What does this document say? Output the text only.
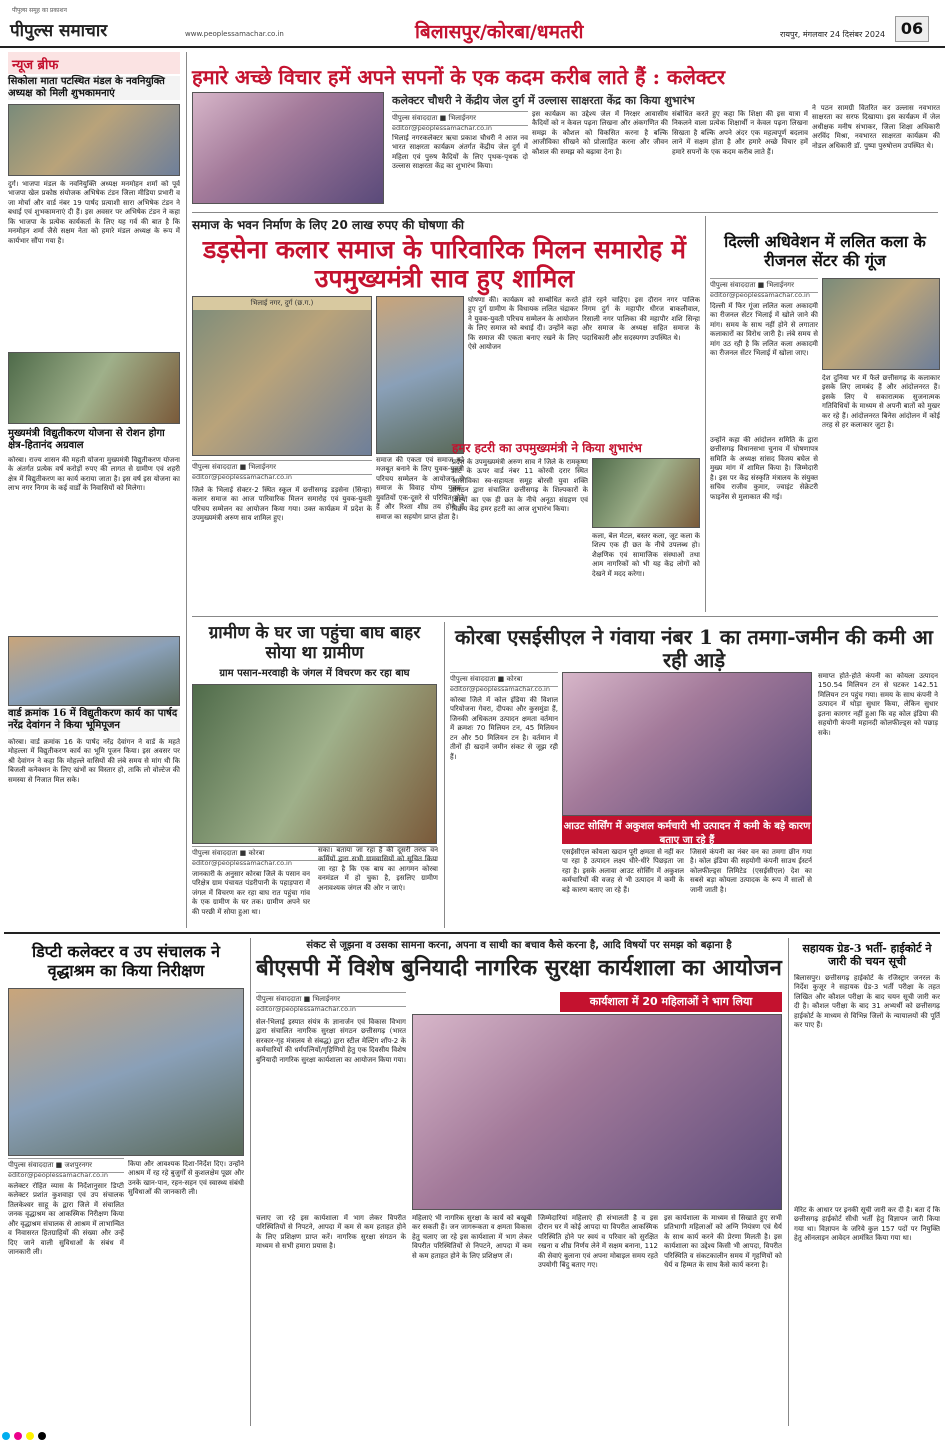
पीपुल्स समूह का प्रकाशन
पीपुल्स समाचार	www.peoplessamachar.co.in	बिलासपुर/कोरबा/धमतरी	रायपुर, मंगलवार 24 दिसंबर 2024 06
न्यूज ब्रीफ
सिकोला माता पटस्थित मंडल के नवनियुक्ति अध्यक्ष को मिली शुभकामनाएं
दुर्ग। भाजपा मंडल के नवनियुक्ति अध्यक्ष मनमोहन शर्मा को पूर्व भाजपा खेल प्रकोष्ठ संयोजक अभिषेक टंडन जिला मीडिया प्रभारी व जा मोर्चा और वार्ड नंबर 19 पार्षद प्रत्याशी सारा अभिषेक टंडन ने बधाई एवं शुभकामनाएं दी हैं। इस अवसर पर अभिषेक टंडन ने कहा कि भाजपा के प्रत्येक कार्यकर्ता के लिए यह गर्व की बात है कि मनमोहन शर्मा जैसे सक्षम नेता को हमारे मंडल अध्यक्ष के रूप में कार्यभार सौंपा गया है।
मुख्यमंत्री विद्युतीकरण योजना से रोशन होगा क्षेत्र-हितानंद अग्रवाल
कोरबा। राज्य शासन की महती योजना मुख्यमंत्री विद्युतीकरण योजना के अंतर्गत प्रत्येक वर्ष करोड़ों रुपए की लागत से ग्रामीण एवं शहरी क्षेत्र में विद्युतीकरण का कार्य कराया जाता है। इस वर्ष इस योजना का लाभ नगर निगम के कई वार्डों के निवासियों को मिलेगा।
वार्ड क्रमांक 16 में विद्युतीकरण कार्य का पार्षद नरेंद्र देवांगन ने किया भूमिपूजन
कोरबा। वार्ड क्रमांक 16 के पार्षद नरेंद्र देवांगन ने वार्ड के महते मोहल्ला में विद्युतीकरण कार्य का भूमि पूजन किया। इस अवसर पर श्री देवांगन ने कहा कि मोहल्ले वासियों की लंबे समय से मांग थी कि बिजली कनेक्शन के लिए खंभों का विस्तार हो, ताकि लो वोल्टेज की समस्या से निजात मिल सके।
हमारे अच्छे विचार हमें अपने सपनों के एक कदम करीब लाते हैं : कलेक्टर
कलेक्टर चौधरी ने केंद्रीय जेल दुर्ग में उल्लास साक्षरता केंद्र का किया शुभारंभ
पीपुल्स संवाददाता ■ भिलाईनगर
editor@peoplessamachar.co.in
भिलाई नगरकलेक्टर ऋचा प्रकाश चौधरी ने आज नव भारत साक्षरता कार्यक्रम अंतर्गत केंद्रीय जेल दुर्ग में महिला एवं पुरुष कैदियों के लिए पृथक-पृथक दो उल्लास साक्षरता केंद्र का शुभारंभ किया।
इस कार्यक्रम का उद्देश्य जेल में निरक्षर आवासीय कैदियों को न केवल पढ़ना लिखना और अंकगणित की समझ के कौशल को विकसित करना है बल्कि आजीविका सीखने को प्रोत्साहित करना और जीवन कौशल की समझ को बढ़ावा देना है।
संबोधित करते हुए कहा कि शिक्षा की इस यात्रा में निकलने वाला प्रत्येक शिक्षार्थी न केवल पढ़ना लिखना सिखता है बल्कि अपने अंदर एक महत्वपूर्ण बदलाव लाने में सक्षम होता है और हमारे अच्छे विचार हमें हमारे सपनों के एक कदम करीब लाते हैं।
ने पठन सामग्री वितरित कर उल्लास नवभारत साक्षरता का सरफ दिखाया। इस कार्यक्रम में जेल अधीक्षक मनीष संभाकर, जिला शिक्षा अधिकारी अरविंद मिश्रा, नवभारत साक्षरता कार्यक्रम की नोडल अधिकारी डॉ. पुष्पा पुरुषोत्तम उपस्थित थे।
समाज के भवन निर्माण के लिए 20 लाख रुपए की घोषणा की
डड़सेना कलार समाज के पारिवारिक मिलन समारोह में उपमुख्यमंत्री साव हुए शामिल
भिलाई नगर, दुर्ग (छ.ग.)
पीपुल्स संवाददाता ■ भिलाईनगर
editor@peoplessamachar.co.in
जिले के भिलाई सेक्टर-2 स्थित स्कूल में छत्तीसगढ़ डड़सेना (सिन्हा) कलार समाज का आज पारिवारिक मिलन समारोह एवं युवक-युवती परिचय सम्मेलन का आयोजन किया गया। उक्त कार्यक्रम में प्रदेश के उपमुख्यमंत्री अरुण साव शामिल हुए।
समाज की एकता एवं समाज को मजबूत बनाने के लिए युवक-युवती परिचय सम्मेलन के आयोजन से समाज के विवाह योग्य युवक-युवतियों एक-दूसरे से परिचित होते हैं और रिश्ता शीघ्र तय होने में समाज का सहयोग प्राप्त होता है।
घोषणा की। कार्यक्रम को सम्बोधित करते हुए दुर्ग ग्रामीण के विधायक ललित चंद्राकर ने युवक-युवती परिचय सम्मेलन के आयोजन के लिए समाज को बधाई दी। उन्होंने कहा कि समाज की एकता बनाए रखने के लिए ऐसे आयोजन
होते रहने चाहिए। इस दौरान नगर पालिक निगम दुर्ग के महापौर धीरज बाकलीवाल, रिसाली नगर पालिका की महापौर शशि सिन्हा और समाज के अध्यक्ष सहित समाज के पदाधिकारी और सदस्यगण उपस्थित थे।
हमर हटरी का उपमुख्यमंत्री ने किया शुभारंभ
प्रदेश के उपमुख्यमंत्री अरुण साव ने जिले के रामकृष्ण मार्ट के ऊपर वार्ड नंबर 11 कोरवी दरार स्थित आजीविका स्व-सहायता समूह बोरसी युवा शक्ति संगठन द्वारा संचालित छत्तीसगढ़ के शिल्पकारों के शिल्पों का एक ही छत के नीचे अनूठा संग्रहण एवं विक्रय केंद्र हमर हटरी का आज शुभारंभ किया।
कला, बेल मेटल, बस्तर कला, जूट कला के शिल्प एक ही छत के नीचे उपलब्ध हो। शैक्षणिक एवं सामाजिक संस्थाओं तथा आम नागरिकों को भी यह केंद्र लोगों को देखने में मदद करेगा।
दिल्ली अधिवेशन में ललित कला के रीजनल सेंटर की गूंज
पीपुल्स संवाददाता ■ भिलाईनगर
editor@peoplessamachar.co.in
दिल्ली में फिर गूंजा ललित कला अकादमी का रीजनल सेंटर भिलाई में खोले जाने की मांग। समय के साथ नहीं होने से लगातार कलाकारों का विरोध जारी है। लंबे समय से मांग उठ रही है कि ललित कला अकादमी का रीजनल सेंटर भिलाई में खोला जाए।
उन्होंने कहा की आंदोलन समिति के द्वारा छत्तीसगढ़ विधानसभा चुनाव में घोषणापत्र समिति के अध्यक्ष सांसद विजय बघेल से मुख्य मांग में शामिल किया है। जिम्मेदारी है। इस पर केंद्र संस्कृति मंत्रालय के संयुक्त सचिव राजीव कुमार, ज्वाइंट सेक्रेटरी फाइनेंस से मुलाकात की गई।
देश दुनिया भर में फैले छत्तीसगढ़ के कलाकार इसके लिए लामबंद हैं और आंदोलनरत हैं। इसके लिए ये सकारात्मक सुजनात्मक गतिविधियों के माध्यम से अपनी बातों को मुखर कर रहे हैं। आंदोलनरत बिनेस आंदोलन में कोई तरह से हर कलाकार जुटा है।
ग्रामीण के घर जा पहुंचा बाघ बाहर सोया था ग्रामीण
ग्राम पसान-मरवाही के जंगल में विचरण कर रहा बाघ
पीपुल्स संवाददाता ■ कोरबा
editor@peoplessamachar.co.in
जानकारी के अनुसार कोरबा जिले के पसान वन परिक्षेत्र ग्राम पंचायत पंडरीपानी के पहाड़पारा में जंगल में विचरण कर रहा बाघ रात पहुंचा गांव के एक ग्रामीण के घर तक। ग्रामीण अपने घर की परछी में सोया हुआ था।
सका। बताया जा रहा है की दूसरी तरफ वन कर्मियों द्वारा सभी ग्रामवासियों को सूचित किया जा रहा है कि एक बाघ का आगमन कोरबा वनमंडल में हो चुका है, इसलिए ग्रामीण अनावश्यक जंगल की ओर न जाएं।
कोरबा एसईसीएल ने गंवाया नंबर 1 का तमगा-जमीन की कमी आ रही आड़े
पीपुल्स संवाददाता ■ कोरबा
editor@peoplessamachar.co.in
कोरबा जिले में कोल इंडिया की विशाल परियोजना गेवरा, दीपका और कुसमुंडा हैं, जिनकी अधिकतम उत्पादन क्षमता वर्तमान में क्रमशः 70 मिलियन टन, 45 मिलियन टन और 50 मिलियन टन है। वर्तमान में तीनों ही खदानें जमीन संकट से जूझ रही हैं।
आउट सोर्सिंग में अकुशल कर्मचारी भी उत्पादन में कमी के बड़े कारण बताए जा रहे हैं
एसईसीएल कोयला खदान पूरी क्षमता से नहीं कर पा रहा है उत्पादन लक्ष्य धीरे-धीरे पिछड़ता जा रहा है। इसके अलावा आउट सोर्सिंग में अकुशल कर्मचारियों की वजह से भी उत्पादन में कमी के बड़े कारण बताए जा रहे हैं।
जिससे कंपनी का नंबर वन का तमगा छीन गया है। कोल इंडिया की सहयोगी कंपनी साउथ ईस्टर्न कोलफील्ड्स लिमिटेड (एसईसीएल) देश का सबसे बड़ा कोयला उत्पादक के रूप में सालों से जानी जाती है।
समाप्त होते-होते कंपनी का कोयला उत्पादन 150.54 मिलियन टन से घटकर 142.51 मिलियन टन पहुंच गया। समय के साथ कंपनी ने उत्पादन में थोड़ा सुधार किया, लेकिन सुधार इतना कारगर नहीं हुआ कि वह कोल इंडिया की सहयोगी कंपनी महानदी कोलफील्ड्स को पछाड़ सके।
डिप्टी कलेक्टर व उप संचालक ने वृद्धाश्रम का किया निरीक्षण
पीपुल्स संवाददाता ■ जशपुरनगर
editor@peoplessamachar.co.in
कलेक्टर रोहित व्यास के निर्देशानुसार डिप्टी कलेक्टर प्रशांत कुशवाहा एवं उप संचालक तिलकेश्वर साहू के द्वारा जिले में संचालित जनक वृद्धाश्रम का आकस्मिक निरीक्षण किया और वृद्धाश्रम संचालक से आश्रम में लाभान्वित व निवासरत हितग्राहियों की संख्या और उन्हें दिए जाने वाली सुविधाओं के संबंध में जानकारी ली।
किया और आवश्यक दिशा-निर्देश दिए। उन्होंने आश्रम में रह रहे बुजुर्गों से कुशलक्षेम पूछा और उनके खान-पान, रहन-सहन एवं स्वास्थ्य संबंधी सुविधाओं की जानकारी ली।
संकट से जूझना व उसका सामना करना, अपना व साथी का बचाव कैसे करना है, आदि विषयों पर समझ को बढ़ाना है
बीएसपी में विशेष बुनियादी नागरिक सुरक्षा कार्यशाला का आयोजन
पीपुल्स संवाददाता ■ भिलाईनगर
editor@peoplessamachar.co.in
सेल-भिलाई इस्पात संयंत्र के ज्ञानार्जन एवं विकास विभाग द्वारा संचालित नागरिक सुरक्षा संगठन छत्तीसगढ़ (भारत सरकार-गृह मंत्रालय से संबद्ध) द्वारा स्टील मेल्टिंग शॉप-2 के कर्मचारियों की धर्मपत्नियों/गृहिणियों हेतु एक दिवसीय विशेष बुनियादी नागरिक सुरक्षा कार्यशाला का आयोजन किया गया।
कार्यशाला में 20 महिलाओं ने भाग लिया
चलाए जा रहे इस कार्यशाला में भाग लेकर विपरीत परिस्थितियों से निपटने, आपदा में कम से कम हताहत होने के लिए प्रशिक्षण प्राप्त करें। नागरिक सुरक्षा संगठन के माध्यम से सभी हमारा प्रयास है।
महिलाएं भी नागरिक सुरक्षा के कार्य को बखूबी कर सकती हैं। जन जागरूकता व क्षमता विकास हेतु चलाए जा रहे इस कार्यशाला में भाग लेकर विपरीत परिस्थितियों से निपटने, आपदा में कम से कम हताहत होने के लिए प्रशिक्षण लें।
जिम्मेदारियां महिलाएं ही संभालती है व इस दौरान घर में कोई आपदा या विपरीत आकस्मिक परिस्थिति होने पर स्वयं व परिवार को सुरक्षित रखना व शीघ्र निर्णय लेने में सक्षम बनाना, 112 की सेवाएं बुलाना एवं अपना मोबाइल समय रहते उपयोगी बिंदु बताए गए।
इस कार्यशाला के माध्यम से सिखाते हुए सभी प्रतिभागी महिलाओं को अग्नि नियंत्रण एवं धैर्य के साथ कार्य करने की प्रेरणा मिलती है। इस कार्यशाला का उद्देश्य किसी भी आपदा, विपरीत परिस्थिति व संकटकालीन समय में गृहणियों को धैर्य व हिम्मत के साथ कैसे कार्य करना है।
सहायक ग्रेड-3 भर्ती- हाईकोर्ट ने जारी की चयन सूची
बिलासपुर। छत्तीसगढ़ हाईकोर्ट के रजिस्ट्रार जनरल के निर्देश कुजूर ने सहायक ग्रेड-3 भर्ती परीक्षा के तहत लिखित और कौशल परीक्षा के बाद चयन सूची जारी कर दी है। कौशल परीक्षा के बाद 31 अभ्यर्थी को छत्तीसगढ़ हाईकोर्ट के माध्यम से विभिन्न जिलों के न्यायालयों की पूर्ति कर पाए हैं।
मेरिट के आधार पर इनकी सूची जारी कर दी है। बता दें कि छत्तीसगढ़ हाईकोर्ट सीधी भर्ती हेतु विज्ञापन जारी किया गया था। विज्ञापन के जरिये कुल 157 पदों पर नियुक्ति हेतु ऑनलाइन आवेदन आमंत्रित किया गया था।
